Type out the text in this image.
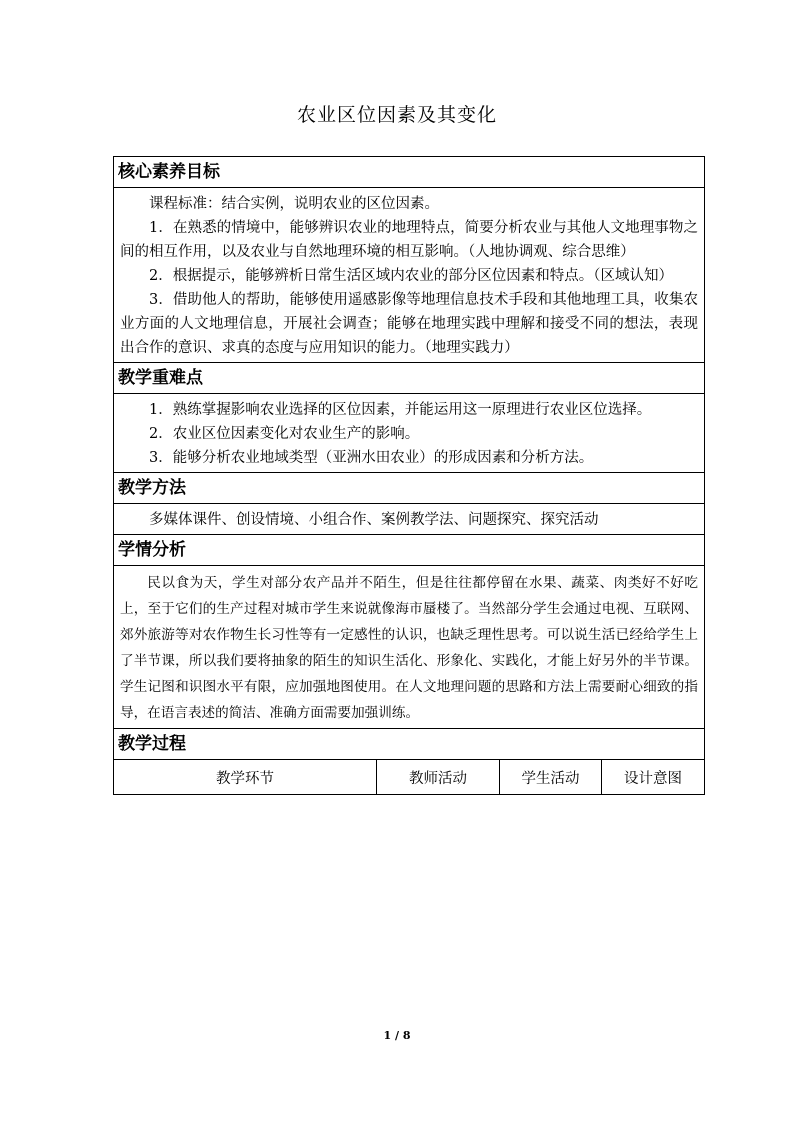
农业区位因素及其变化
核心素养目标

课程标准：结合实例，说明农业的区位因素。

1．在熟悉的情境中，能够辨识农业的地理特点，简要分析农业与其他人文地理事物之间的相互作用，以及农业与自然地理环境的相互影响。（人地协调观、综合思维）

2．根据提示，能够辨析日常生活区域内农业的部分区位因素和特点。（区域认知）

3．借助他人的帮助，能够使用遥感影像等地理信息技术手段和其他地理工具，收集农业方面的人文地理信息，开展社会调查；能够在地理实践中理解和接受不同的想法，表现出合作的意识、求真的态度与应用知识的能力。（地理实践力）

教学重难点

1．熟练掌握影响农业选择的区位因素，并能运用这一原理进行农业区位选择。

2．农业区位因素变化对农业生产的影响。

3．能够分析农业地域类型（亚洲水田农业）的形成因素和分析方法。

教学方法

多媒体课件、创设情境、小组合作、案例教学法、问题探究、探究活动

学情分析

民以食为天，学生对部分农产品并不陌生，但是往往都停留在水果、蔬菜、肉类好不好吃上，至于它们的生产过程对城市学生来说就像海市蜃楼了。当然部分学生会通过电视、互联网、郊外旅游等对农作物生长习性等有一定感性的认识，也缺乏理性思考。可以说生活已经给学生上了半节课，所以我们要将抽象的陌生的知识生活化、形象化、实践化，才能上好另外的半节课。学生记图和识图水平有限，应加强地图使用。在人文地理问题的思路和方法上需要耐心细致的指导，在语言表述的简洁、准确方面需要加强训练。

教学过程
教学环节	教师活动	学生活动	设计意图
1 / 8
